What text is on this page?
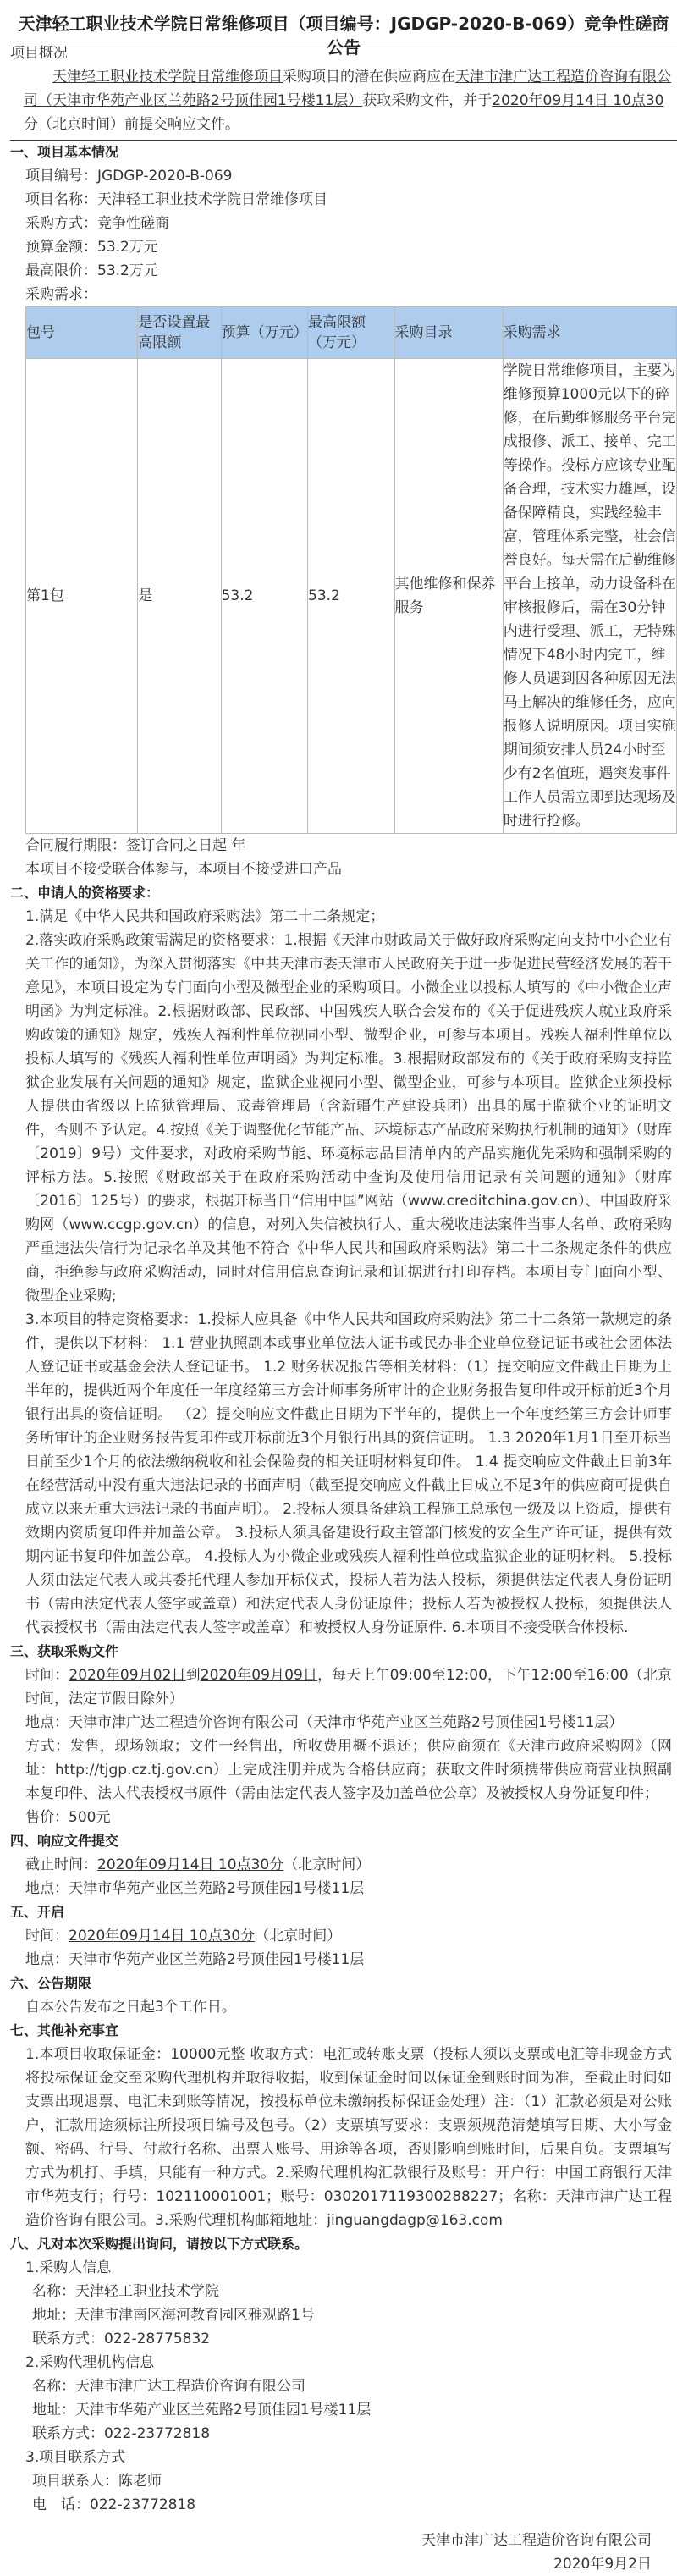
天津轻工职业技术学院日常维修项目（项目编号：JGDGP-2020-B-069）竞争性磋商公告
项目概况
天津轻工职业技术学院日常维修项目采购项目的潜在供应商应在天津市津广达工程造价咨询有限公司（天津市华苑产业区兰苑路2号顶佳园1号楼11层）获取采购文件，并于2020年09月14日 10点30分（北京时间）前提交响应文件。
一、项目基本情况
项目编号：JGDGP-2020-B-069
项目名称：天津轻工职业技术学院日常维修项目
采购方式：竞争性磋商
预算金额：53.2万元
最高限价：53.2万元
采购需求：
包号	是否设置最高限额	预算（万元）	最高限额（万元）	采购目录	采购需求
第1包	是	53.2	53.2	其他维修和保养服务	学院日常维修项目，主要为维修预算1000元以下的碎修，在后勤维修服务平台完成报修、派工、接单、完工等操作。投标方应该专业配备合理，技术实力雄厚，设备保障精良，实践经验丰富，管理体系完整，社会信誉良好。每天需在后勤维修平台上接单，动力设备科在审核报修后，需在30分钟内进行受理、派工，无特殊情况下48小时内完工，维修人员遇到因各种原因无法马上解决的维修任务，应向报修人说明原因。项目实施期间须安排人员24小时至少有2名值班，遇突发事件工作人员需立即到达现场及时进行抢修。
合同履行期限：签订合同之日起 年
本项目不接受联合体参与，本项目不接受进口产品
二、申请人的资格要求：
1.满足《中华人民共和国政府采购法》第二十二条规定；
2.落实政府采购政策需满足的资格要求：1.根据《天津市财政局关于做好政府采购定向支持中小企业有关工作的通知》，为深入贯彻落实《中共天津市委天津市人民政府关于进一步促进民营经济发展的若干意见》，本项目设定为专门面向小型及微型企业的采购项目。小微企业以投标人填写的《中小微企业声明函》为判定标准。2.根据财政部、民政部、中国残疾人联合会发布的《关于促进残疾人就业政府采购政策的通知》规定，残疾人福利性单位视同小型、微型企业，可参与本项目。残疾人福利性单位以投标人填写的《残疾人福利性单位声明函》为判定标准。3.根据财政部发布的《关于政府采购支持监狱企业发展有关问题的通知》规定，监狱企业视同小型、微型企业，可参与本项目。监狱企业须投标人提供由省级以上监狱管理局、戒毒管理局（含新疆生产建设兵团）出具的属于监狱企业的证明文件，否则不予认定。4.按照《关于调整优化节能产品、环境标志产品政府采购执行机制的通知》（财库〔2019〕9号）文件要求，对政府采购节能、环境标志品目清单内的产品实施优先采购和强制采购的评标方法。5.按照《财政部关于在政府采购活动中查询及使用信用记录有关问题的通知》（财库〔2016〕125号）的要求，根据开标当日“信用中国”网站（www.creditchina.gov.cn）、中国政府采购网（www.ccgp.gov.cn）的信息，对列入失信被执行人、重大税收违法案件当事人名单、政府采购严重违法失信行为记录名单及其他不符合《中华人民共和国政府采购法》第二十二条规定条件的供应商，拒绝参与政府采购活动，同时对信用信息查询记录和证据进行打印存档。本项目专门面向小型、微型企业采购;
3.本项目的特定资格要求：1.投标人应具备《中华人民共和国政府采购法》第二十二条第一款规定的条件，提供以下材料： 1.1 营业执照副本或事业单位法人证书或民办非企业单位登记证书或社会团体法人登记证书或基金会法人登记证书。 1.2 财务状况报告等相关材料：（1）提交响应文件截止日期为上半年的，提供近两个年度任一年度经第三方会计师事务所审计的企业财务报告复印件或开标前近3个月银行出具的资信证明。 （2）提交响应文件截止日期为下半年的，提供上一个年度经第三方会计师事务所审计的企业财务报告复印件或开标前近3个月银行出具的资信证明。 1.3 2020年1月1日至开标当日前至少1个月的依法缴纳税收和社会保险费的相关证明材料复印件。 1.4 提交响应文件截止日前3年在经营活动中没有重大违法记录的书面声明（截至提交响应文件截止日成立不足3年的供应商可提供自成立以来无重大违法记录的书面声明）。 2.投标人须具备建筑工程施工总承包一级及以上资质，提供有效期内资质复印件并加盖公章。 3.投标人须具备建设行政主管部门核发的安全生产许可证，提供有效期内证书复印件加盖公章。 4.投标人为小微企业或残疾人福利性单位或监狱企业的证明材料。 5.投标人须由法定代表人或其委托代理人参加开标仪式，投标人若为法人投标，须提供法定代表人身份证明书（需由法定代表人签字或盖章）和法定代表人身份证原件；投标人若为被授权人投标，须提供法人代表授权书（需由法定代表人签字或盖章）和被授权人身份证原件. 6.本项目不接受联合体投标.
三、获取采购文件
时间：2020年09月02日到2020年09月09日，每天上午09:00至12:00，下午12:00至16:00（北京时间，法定节假日除外）
地点：天津市津广达工程造价咨询有限公司（天津市华苑产业区兰苑路2号顶佳园1号楼11层）
方式：发售，现场领取；文件一经售出，所收费用概不退还；供应商须在《天津市政府采购网》（网址：http://tjgp.cz.tj.gov.cn）上完成注册并成为合格供应商；获取文件时须携带供应商营业执照副本复印件、法人代表授权书原件（需由法定代表人签字及加盖单位公章）及被授权人身份证复印件；
售价：500元
四、响应文件提交
截止时间：2020年09月14日 10点30分（北京时间）
地点：天津市华苑产业区兰苑路2号顶佳园1号楼11层
五、开启
时间：2020年09月14日 10点30分（北京时间）
地点：天津市华苑产业区兰苑路2号顶佳园1号楼11层
六、公告期限
自本公告发布之日起3个工作日。
七、其他补充事宜
1.本项目收取保证金：10000元整 收取方式：电汇或转账支票（投标人须以支票或电汇等非现金方式将投标保证金交至采购代理机构并取得收据，收到保证金时间以保证金到账时间为准，至截止时间如支票出现退票、电汇未到账等情况，按投标单位未缴纳投标保证金处理）注：（1）汇款必须是对公账户，汇款用途须标注所投项目编号及包号。（2）支票填写要求：支票须规范清楚填写日期、大小写金额、密码、行号、付款行名称、出票人账号、用途等各项，否则影响到账时间，后果自负。支票填写方式为机打、手填，只能有一种方式。2.采购代理机构汇款银行及账号：开户行：中国工商银行天津市华苑支行；行号：102110001001；账号：0302017119300288227；名称：天津市津广达工程造价咨询有限公司。3.采购代理机构邮箱地址：jinguangdagp@163.com
八、凡对本次采购提出询问，请按以下方式联系。
1.采购人信息
名称：天津轻工职业技术学院
地址：天津市津南区海河教育园区雅观路1号
联系方式：022-28775832
2.采购代理机构信息
名称：天津市津广达工程造价咨询有限公司
地址：天津市华苑产业区兰苑路2号顶佳园1号楼11层
联系方式：022-23772818
3.项目联系方式
项目联系人：陈老师
电　话：022-23772818
天津市津广达工程造价咨询有限公司
2020年9月2日
